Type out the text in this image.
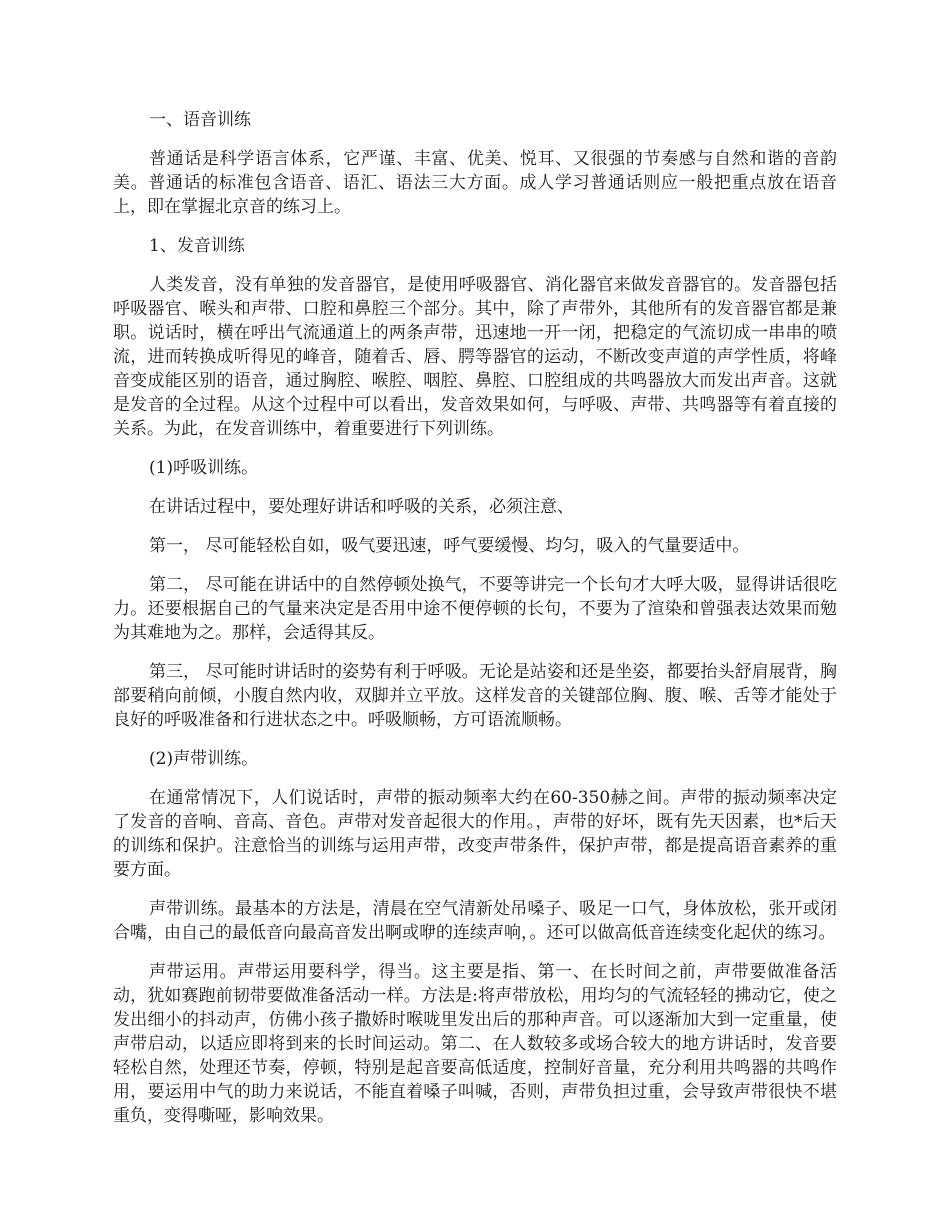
一、语音训练

普通话是科学语言体系，它严谨、丰富、优美、悦耳、又很强的节奏感与自然和谐的音韵美。普通话的标准包含语音、语汇、语法三大方面。成人学习普通话则应一般把重点放在语音上，即在掌握北京音的练习上。

1、发音训练

人类发音，没有单独的发音器官，是使用呼吸器官、消化器官来做发音器官的。发音器包括呼吸器官、喉头和声带、口腔和鼻腔三个部分。其中，除了声带外，其他所有的发音器官都是兼职。说话时，横在呼出气流通道上的两条声带，迅速地一开一闭，把稳定的气流切成一串串的喷流，进而转换成听得见的峰音，随着舌、唇、腭等器官的运动，不断改变声道的声学性质，将峰音变成能区别的语音，通过胸腔、喉腔、咽腔、鼻腔、口腔组成的共鸣器放大而发出声音。这就是发音的全过程。从这个过程中可以看出，发音效果如何，与呼吸、声带、共鸣器等有着直接的关系。为此，在发音训练中，着重要进行下列训练。

(1)呼吸训练。

在讲话过程中，要处理好讲话和呼吸的关系，必须注意、

第一， 尽可能轻松自如，吸气要迅速，呼气要缓慢、均匀，吸入的气量要适中。

第二， 尽可能在讲话中的自然停顿处换气，不要等讲完一个长句才大呼大吸，显得讲话很吃力。还要根据自己的气量来决定是否用中途不便停顿的长句，不要为了渲染和曾强表达效果而勉为其难地为之。那样，会适得其反。

第三， 尽可能时讲话时的姿势有利于呼吸。无论是站姿和还是坐姿，都要抬头舒肩展背，胸部要稍向前倾，小腹自然内收，双脚并立平放。这样发音的关键部位胸、腹、喉、舌等才能处于良好的呼吸准备和行进状态之中。呼吸顺畅，方可语流顺畅。

(2)声带训练。

在通常情况下，人们说话时，声带的振动频率大约在60-350赫之间。声带的振动频率决定了发音的音响、音高、音色。声带对发音起很大的作用。，声带的好坏，既有先天因素，也*后天的训练和保护。注意恰当的训练与运用声带，改变声带条件，保护声带，都是提高语音素养的重要方面。

声带训练。最基本的方法是，清晨在空气清新处吊嗓子、吸足一口气，身体放松，张开或闭合嘴，由自己的最低音向最高音发出啊或咿的连续声响，。还可以做高低音连续变化起伏的练习。

声带运用。声带运用要科学，得当。这主要是指、第一、在长时间之前，声带要做准备活动，犹如赛跑前韧带要做准备活动一样。方法是:将声带放松，用均匀的气流轻轻的拂动它，使之发出细小的抖动声，仿佛小孩子撒娇时喉咙里发出后的那种声音。可以逐渐加大到一定重量，使声带启动，以适应即将到来的长时间运动。第二、在人数较多或场合较大的地方讲话时，发音要轻松自然，处理还节奏，停顿，特别是起音要高低适度，控制好音量，充分利用共鸣器的共鸣作用，要运用中气的助力来说话，不能直着嗓子叫喊，否则，声带负担过重，会导致声带很快不堪重负，变得嘶哑，影响效果。
